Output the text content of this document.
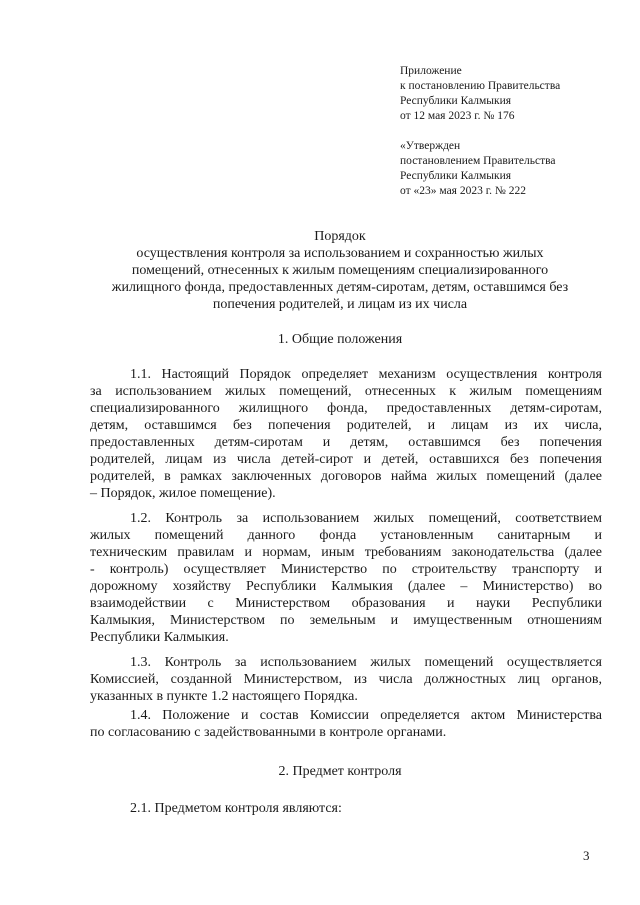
Приложение
к постановлению Правительства
Республики Калмыкия
от 12 мая 2023 г. № 176
«Утвержден
постановлением Правительства
Республики Калмыкия
от «23» мая 2023 г. № 222
Порядок
осуществления контроля за использованием и сохранностью жилых
помещений, отнесенных к жилым помещениям специализированного
жилищного фонда, предоставленных детям-сиротам, детям, оставшимся без
попечения родителей, и лицам из их числа
1. Общие положения
1.1. Настоящий Порядок определяет механизм осуществления контроля
за использованием жилых помещений, отнесенных к жилым помещениям
специализированного жилищного фонда, предоставленных детям-сиротам,
детям, оставшимся без попечения родителей, и лицам из их числа,
предоставленных детям-сиротам и детям, оставшимся без попечения
родителей, лицам из числа детей-сирот и детей, оставшихся без попечения
родителей, в рамках заключенных договоров найма жилых помещений (далее
– Порядок, жилое помещение).
1.2. Контроль за использованием жилых помещений, соответствием
жилых помещений данного фонда установленным санитарным и
техническим правилам и нормам, иным требованиям законодательства (далее
- контроль) осуществляет Министерство по строительству транспорту и
дорожному хозяйству Республики Калмыкия (далее – Министерство) во
взаимодействии с Министерством образования и науки Республики
Калмыкия, Министерством по земельным и имущественным отношениям
Республики Калмыкия.
1.3. Контроль за использованием жилых помещений осуществляется
Комиссией, созданной Министерством, из числа должностных лиц органов,
указанных в пункте 1.2 настоящего Порядка.
1.4. Положение и состав Комиссии определяется актом Министерства
по согласованию с задействованными в контроле органами.
2. Предмет контроля
2.1. Предметом контроля являются:
3
